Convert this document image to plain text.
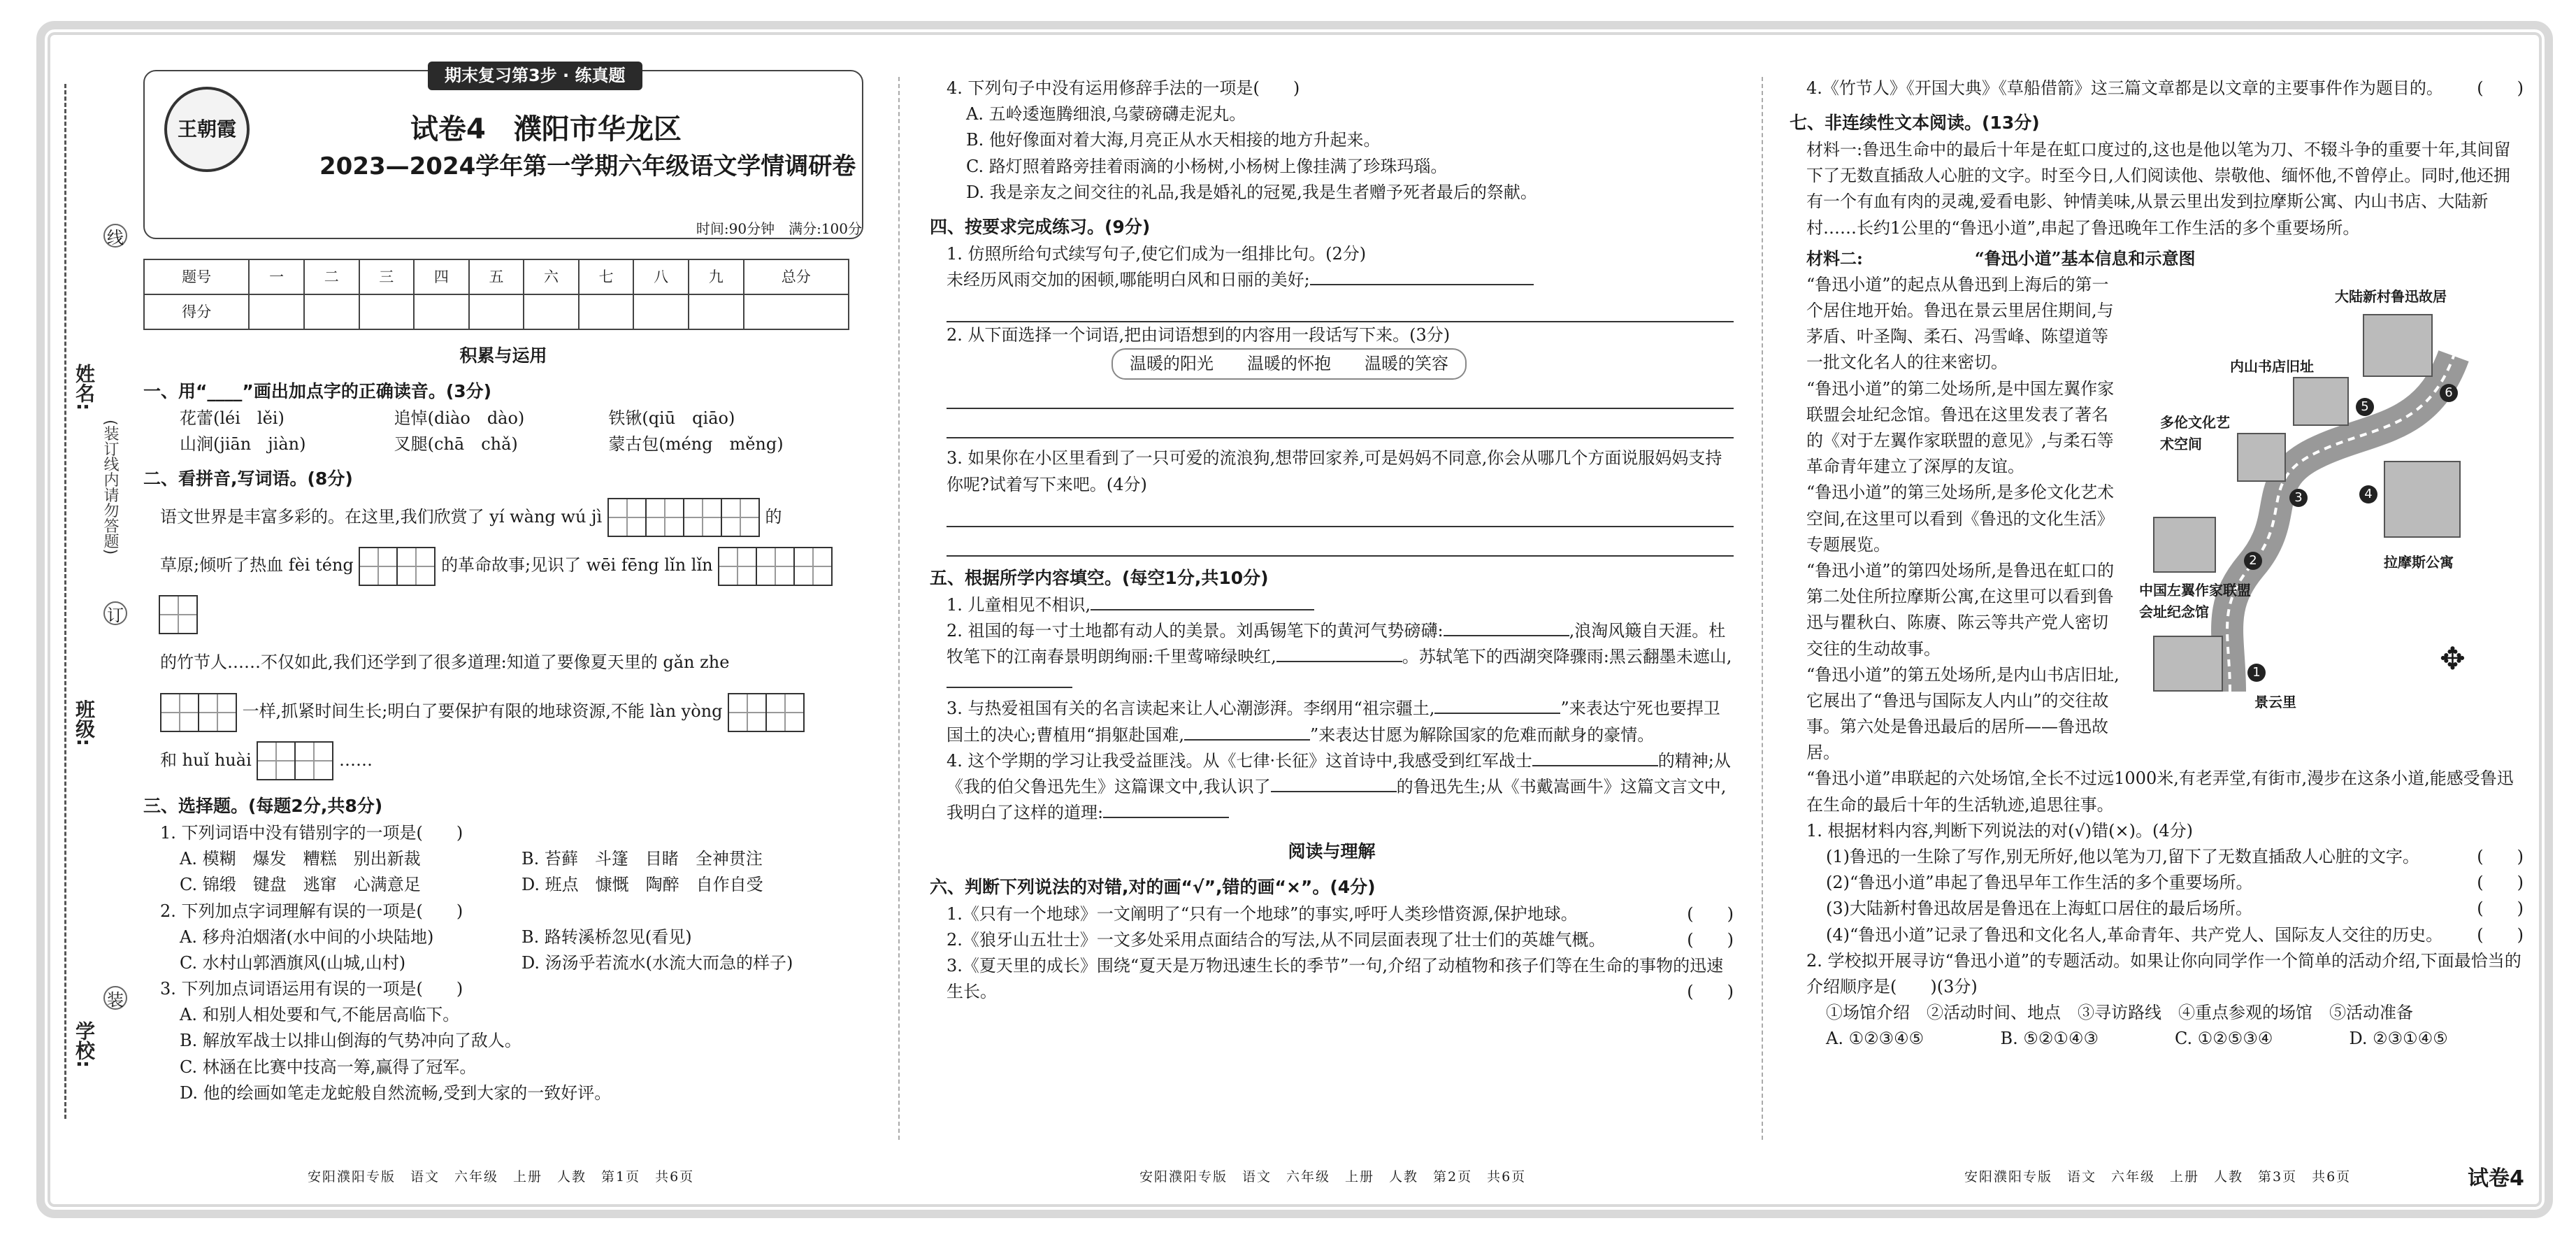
学校:
班级:
姓名:
装
订
线
(装订线内请勿答题)
期末复习第3步 · 练真题
王朝霞	试卷4　濮阳市华龙区
2023—2024学年第一学期六年级语文学情调研卷
时间:90分钟　满分:100分
题号	一	二	三	四	五	六	七	八	九	总分
得分										
积累与运用
一、用“____”画出加点字的正确读音。(3分)
花蕾(léi　lěi)	追悼(diào　dào)	铁锹(qiū　qiāo)
山涧(jiān　jiàn)	叉腿(chā　chǎ)	蒙古包(méng　měng)
二、看拼音,写词语。(8分)
语文世界是丰富多彩的。在这里,我们欣赏了 yí wàng wú jì	的
草原;倾听了热血 fèi téng	的革命故事;见识了 wēi fēng lǐn lǐn
的竹节人……不仅如此,我们还学到了很多道理:知道了要像夏天里的 gǎn zhe
一样,抓紧时间生长;明白了要保护有限的地球资源,不能 làn yòng
和 huǐ huài	……
三、选择题。(每题2分,共8分)
1. 下列词语中没有错别字的一项是(　　)
A. 模糊　爆发　糟糕　别出新裁	B. 苔藓　斗篷　目睹　全神贯注
C. 锦缎　键盘　逃窜　心满意足	D. 班点　慷慨　陶醉　自作自受
2. 下列加点字词理解有误的一项是(　　)
A. 移舟泊烟渚(水中间的小块陆地)	B. 路转溪桥忽见(看见)
C. 水村山郭酒旗风(山城,山村)	D. 汤汤乎若流水(水流大而急的样子)
3. 下列加点词语运用有误的一项是(　　)
A. 和别人相处要和气,不能居高临下。
B. 解放军战士以排山倒海的气势冲向了敌人。
C. 林涵在比赛中技高一筹,赢得了冠军。
D. 他的绘画如笔走龙蛇般自然流畅,受到大家的一致好评。
安阳濮阳专版　语文　六年级　上册　人教　第1页　共6页
4. 下列句子中没有运用修辞手法的一项是(　　)
A. 五岭逶迤腾细浪,乌蒙磅礴走泥丸。
B. 他好像面对着大海,月亮正从水天相接的地方升起来。
C. 路灯照着路旁挂着雨滴的小杨树,小杨树上像挂满了珍珠玛瑙。
D. 我是亲友之间交往的礼品,我是婚礼的冠冕,我是生者赠予死者最后的祭献。
四、按要求完成练习。(9分)
1. 仿照所给句式续写句子,使它们成为一组排比句。(2分)
未经历风雨交加的困顿,哪能明白风和日丽的美好;
2. 从下面选择一个词语,把由词语想到的内容用一段话写下来。(3分)
温暖的阳光　　温暖的怀抱　　温暖的笑容
3. 如果你在小区里看到了一只可爱的流浪狗,想带回家养,可是妈妈不同意,你会从哪几个方面说服妈妈支持你呢?试着写下来吧。(4分)
五、根据所学内容填空。(每空1分,共10分)
1. 儿童相见不相识,
2. 祖国的每一寸土地都有动人的美景。刘禹锡笔下的黄河气势磅礴:	,浪淘风簸自天涯。杜牧笔下的江南春景明朗绚丽:千里莺啼绿映红,	。苏轼笔下的西湖突降骤雨:黑云翻墨未遮山,
3. 与热爱祖国有关的名言读起来让人心潮澎湃。李纲用“祖宗疆土,	”来表达宁死也要捍卫国土的决心;曹植用“捐躯赴国难,	”来表达甘愿为解除国家的危难而献身的豪情。
4. 这个学期的学习让我受益匪浅。从《七律·长征》这首诗中,我感受到红军战士	的精神;从《我的伯父鲁迅先生》这篇课文中,我认识了	的鲁迅先生;从《书戴嵩画牛》这篇文言文中,我明白了这样的道理:
阅读与理解
六、判断下列说法的对错,对的画“√”,错的画“×”。(4分)
1.《只有一个地球》一文阐明了“只有一个地球”的事实,呼吁人类珍惜资源,保护地球。	(　　)
2.《狼牙山五壮士》一文多处采用点面结合的写法,从不同层面表现了壮士们的英雄气概。	(　　)
3.《夏天里的成长》围绕“夏天是万物迅速生长的季节”一句,介绍了动植物和孩子们等在生命的事物的迅速生长。	(　　)
安阳濮阳专版　语文　六年级　上册　人教　第2页　共6页
4.《竹节人》《开国大典》《草船借箭》这三篇文章都是以文章的主要事件作为题目的。 (　　)
七、非连续性文本阅读。(13分)
材料一:鲁迅生命中的最后十年是在虹口度过的,这也是他以笔为刀、不辍斗争的重要十年,其间留下了无数直插敌人心脏的文字。时至今日,人们阅读他、崇敬他、缅怀他,不曾停止。同时,他还拥有一个有血有肉的灵魂,爱看电影、钟情美味,从景云里出发到拉摩斯公寓、内山书店、大陆新村……长约1公里的“鲁迅小道”,串起了鲁迅晚年工作生活的多个重要场所。
材料二:	“鲁迅小道”基本信息和示意图
大陆新村鲁迅故居
内山书店旧址
多伦文化艺术空间
中国左翼作家联盟会址纪念馆
拉摩斯公寓
景云里
1
2
3	4
5
6
✥
“鲁迅小道”的起点从鲁迅到上海后的第一个居住地开始。鲁迅在景云里居住期间,与茅盾、叶圣陶、柔石、冯雪峰、陈望道等一批文化名人的往来密切。
“鲁迅小道”的第二处场所,是中国左翼作家联盟会址纪念馆。鲁迅在这里发表了著名的《对于左翼作家联盟的意见》,与柔石等革命青年建立了深厚的友谊。
“鲁迅小道”的第三处场所,是多伦文化艺术空间,在这里可以看到《鲁迅的文化生活》专题展览。
“鲁迅小道”的第四处场所,是鲁迅在虹口的第二处住所拉摩斯公寓,在这里可以看到鲁迅与瞿秋白、陈赓、陈云等共产党人密切交往的生动故事。
“鲁迅小道”的第五处场所,是内山书店旧址,它展出了“鲁迅与国际友人内山”的交往故事。第六处是鲁迅最后的居所——鲁迅故居。
“鲁迅小道”串联起的六处场馆,全长不过远1000米,有老弄堂,有街市,漫步在这条小道,能感受鲁迅在生命的最后十年的生活轨迹,追思往事。
1. 根据材料内容,判断下列说法的对(√)错(×)。(4分)
(1)鲁迅的一生除了写作,别无所好,他以笔为刀,留下了无数直插敌人心脏的文字。	(　　)
(2)“鲁迅小道”串起了鲁迅早年工作生活的多个重要场所。	(　　)
(3)大陆新村鲁迅故居是鲁迅在上海虹口居住的最后场所。	(　　)
(4)“鲁迅小道”记录了鲁迅和文化名人,革命青年、共产党人、国际友人交往的历史。 (　　)
2. 学校拟开展寻访“鲁迅小道”的专题活动。如果让你向同学作一个简单的活动介绍,下面最恰当的介绍顺序是(　　)(3分)
①场馆介绍　②活动时间、地点　③寻访路线　④重点参观的场馆　⑤活动准备
A. ①②③④⑤	B. ⑤②①④③	C. ①②⑤③④	D. ②③①④⑤
安阳濮阳专版　语文　六年级　上册　人教　第3页　共6页	试卷4
